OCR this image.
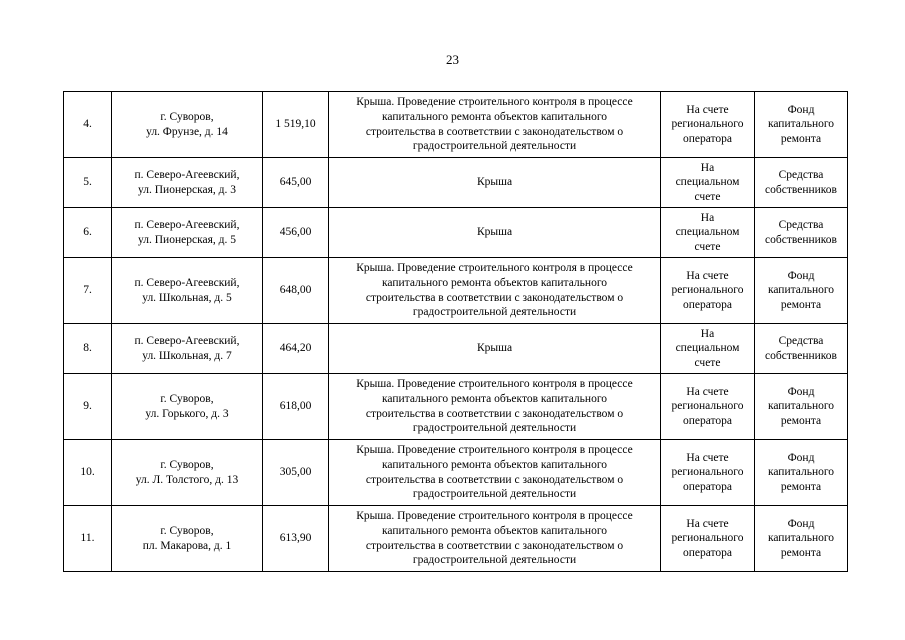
23
4.	г. Суворов,
ул. Фрунзе, д. 14	1 519,10	Крыша. Проведение строительного контроля в процессе
капитального ремонта объектов капитального
строительства в соответствии с законодательством о
градостроительной деятельности	На счете
регионального
оператора	Фонд
капитального
ремонта

5.	п. Северо-Агеевский,
ул. Пионерская, д. 3	645,00	Крыша	На
специальном
счете	Средства
собственников

6.	п. Северо-Агеевский,
ул. Пионерская, д. 5	456,00	Крыша	На
специальном
счете	Средства
собственников

7.	п. Северо-Агеевский,
ул. Школьная, д. 5	648,00	Крыша. Проведение строительного контроля в процессе
капитального ремонта объектов капитального
строительства в соответствии с законодательством о
градостроительной деятельности	На счете
регионального
оператора	Фонд
капитального
ремонта

8.	п. Северо-Агеевский,
ул. Школьная, д. 7	464,20	Крыша	На
специальном
счете	Средства
собственников

9.	г. Суворов,
ул. Горького, д. 3	618,00	Крыша. Проведение строительного контроля в процессе
капитального ремонта объектов капитального
строительства в соответствии с законодательством о
градостроительной деятельности	На счете
регионального
оператора	Фонд
капитального
ремонта

10.	г. Суворов,
ул. Л. Толстого, д. 13	305,00	Крыша. Проведение строительного контроля в процессе
капитального ремонта объектов капитального
строительства в соответствии с законодательством о
градостроительной деятельности	На счете
регионального
оператора	Фонд
капитального
ремонта

11.	г. Суворов,
пл. Макарова, д. 1	613,90	Крыша. Проведение строительного контроля в процессе
капитального ремонта объектов капитального
строительства в соответствии с законодательством о
градостроительной деятельности	На счете
регионального
оператора	Фонд
капитального
ремонта
